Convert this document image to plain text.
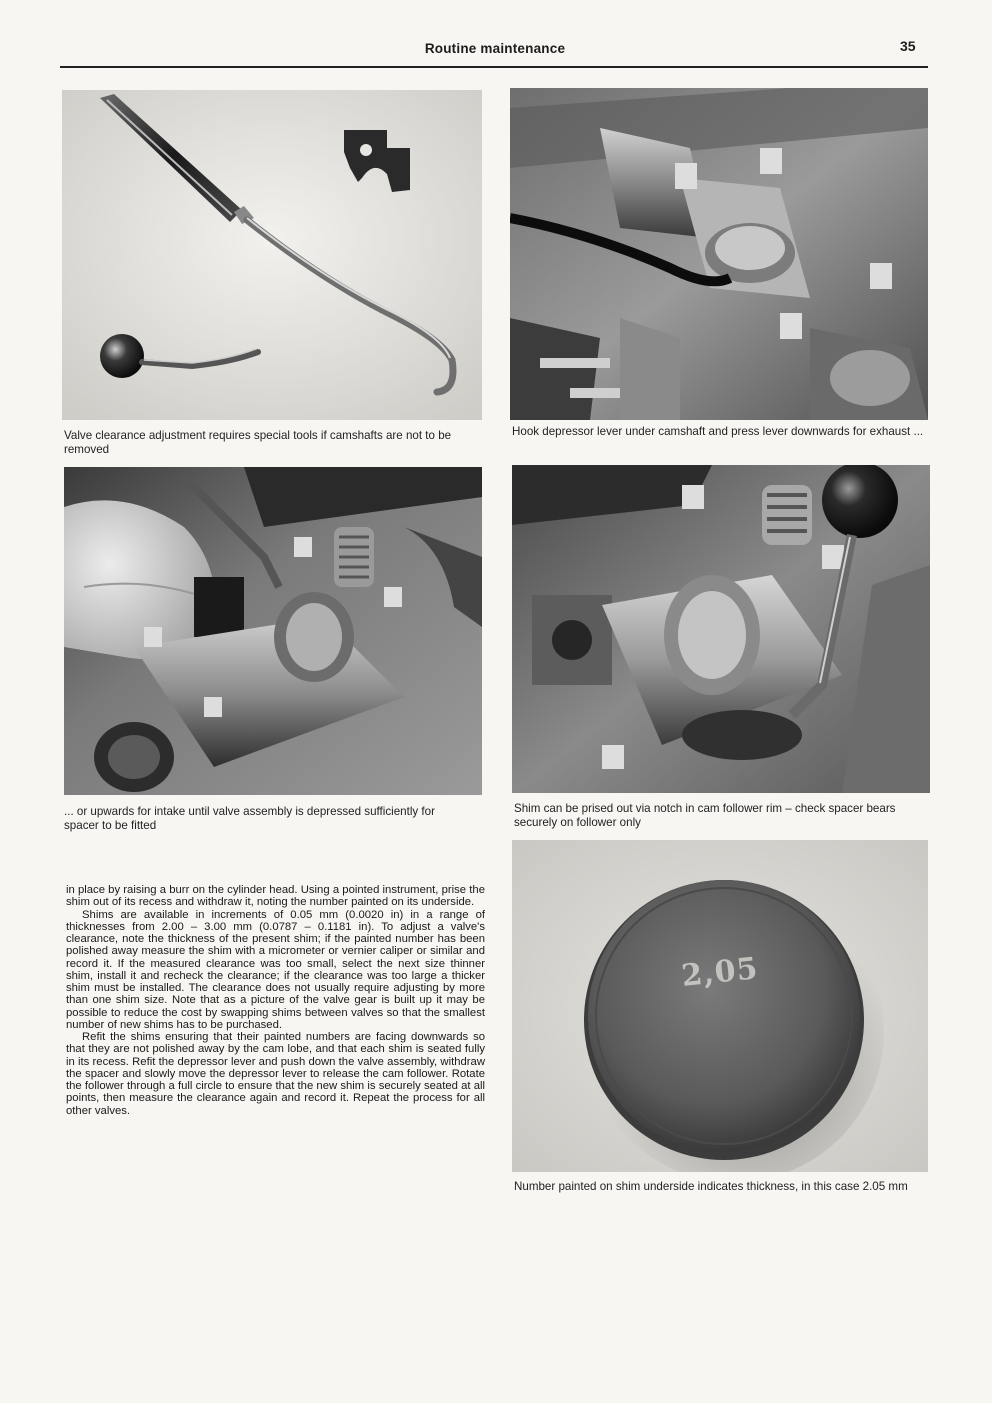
Routine maintenance	35
Valve clearance adjustment requires special tools if camshafts are not to be removed
Hook depressor lever under camshaft and press lever downwards for exhaust ...
... or upwards for intake until valve assembly is depressed sufficiently for spacer to be fitted
Shim can be prised out via notch in cam follower rim – check spacer bears securely on follower only

in place by raising a burr on the cylinder head. Using a pointed instrument, prise the shim out of its recess and withdraw it, noting the number painted on its underside.

Shims are available in increments of 0.05 mm (0.0020 in) in a range of thicknesses from 2.00 – 3.00 mm (0.0787 – 0.1181 in). To adjust a valve's clearance, note the thickness of the present shim; if the painted number has been polished away measure the shim with a micrometer or vernier caliper or similar and record it. If the measured clearance was too small, select the next size thinner shim, install it and recheck the clearance; if the clearance was too large a thicker shim must be installed. The clearance does not usually require adjusting by more than one shim size. Note that as a picture of the valve gear is built up it may be possible to reduce the cost by swapping shims between valves so that the smallest number of new shims has to be purchased.

Refit the shims ensuring that their painted numbers are facing downwards so that they are not polished away by the cam lobe, and that each shim is seated fully in its recess. Refit the depressor lever and push down the valve assembly, withdraw the spacer and slowly move the depressor lever to release the cam follower. Rotate the follower through a full circle to ensure that the new shim is securely seated at all points, then measure the clearance again and record it. Repeat the process for all other valves.

2,05
Number painted on shim underside indicates thickness, in this case 2.05 mm
